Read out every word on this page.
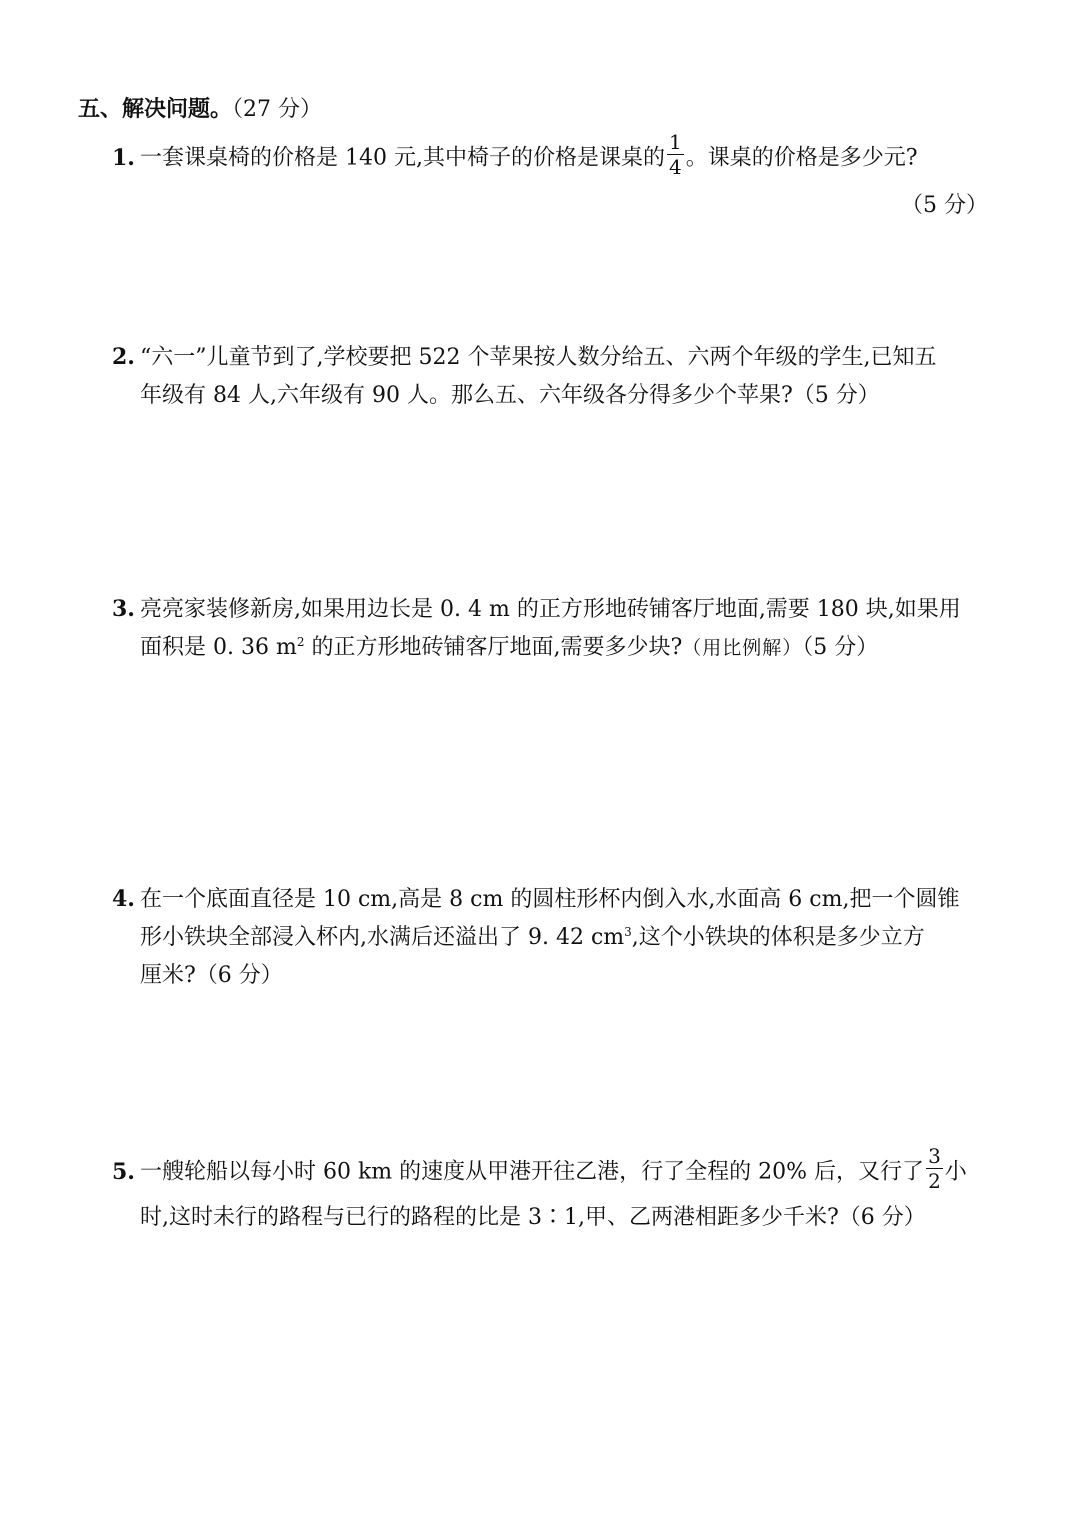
五、解决问题。（27 分）
1. 一套课桌椅的价格是 140 元,其中椅子的价格是课桌的 $\frac{1}{4}$ 。课桌的价格是多少元?
（5 分）
2. “六一”儿童节到了,学校要把 522 个苹果按人数分给五、六两个年级的学生,已知五
年级有 84 人,六年级有 90 人。那么五、六年级各分得多少个苹果?（5 分）
3. 亮亮家装修新房,如果用边长是 0. 4 m 的正方形地砖铺客厅地面,需要 180 块,如果用
面积是 0. 36 $m^2$ 的正方形地砖铺客厅地面,需要多少块?（用比例解）（5 分）
4. 在一个底面直径是 10 cm,高是 8 cm 的圆柱形杯内倒入水,水面高 6 cm,把一个圆锥
形小铁块全部浸入杯内,水满后还溢出了 9. 42 $cm^3$,这个小铁块的体积是多少立方
厘米?（6 分）
5. 一艘轮船以每小时 60 km 的速度从甲港开往乙港，行了全程的 20% 后，又行了 $\frac{3}{2}$ 小
时,这时未行的路程与已行的路程的比是 3∶1,甲、乙两港相距多少千米?（6 分）
